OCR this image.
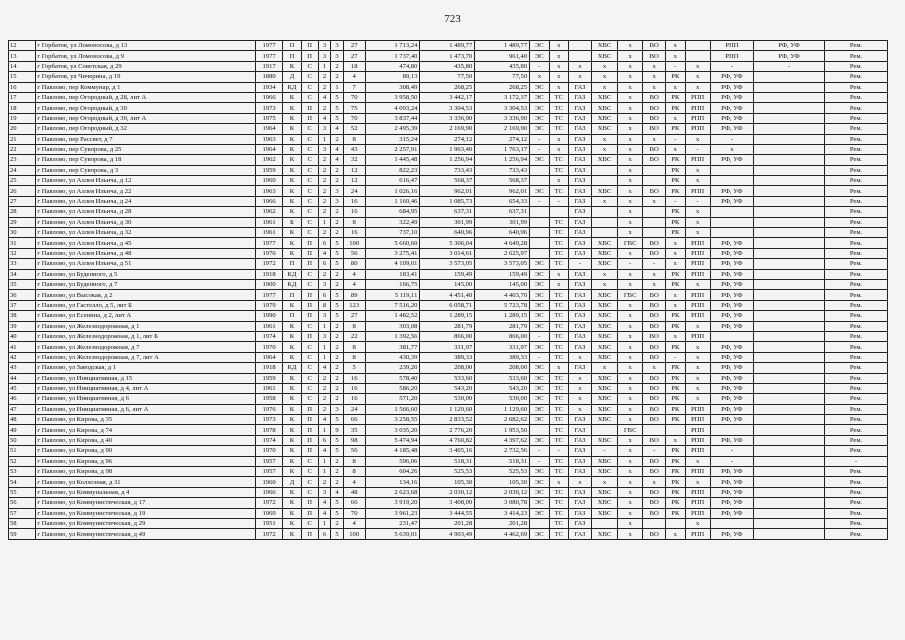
723
12	г Горбатов, ул Ломоносова, д 13	1977	П	П	3	3	27	1 713,24	1 489,77	1 489,77	ЭС	х		ХВС	х	ВО	х		РПП	РФ, УФ	Рем.
13	г Горбатов, ул Ломоносова, д 9	1977	П	П	3	3	27	1 737,40	1 473,70	961,40	ЭС	х		ХВС	х	ВО	х		РПП	РФ, УФ	Рем.
14	г Горбатов, ул Советская, д 29	1917	К	С	1	2	18	474,80	435,80	435,80	-	х	х	х	х	х	-	х	-	-	Рем.
15	г Горбатов, ул Чичерина, д 19	1880	Д	С	2	2	4	89,13	77,50	77,50	х	х	х	х	х	х	РК	х	РФ, УФ		Рем.
16	г Павлово, пер Коммунар, д 1	1934	КД	С	2	1	7	308,49	268,25	268,25	ЭС	х	ГАЗ	х	х	х	х	х	РФ, УФ		Рем.
17	г Павлово, пер Огородный, д 28, лит А	1966	К	С	4	5	70	3 958,50	3 442,17	3 172,37	ЭС	ТС	ГАЗ	ХВС	х	ВО	РК	РПП	РФ, УФ		Рем.
18	г Павлово, пер Огородный, д 30	1973	К	П	2	5	75	4 093,24	3 304,53	3 304,53	ЭС	ТС	ГАЗ	ХВС	х	ВО	РК	РПП	РФ, УФ		Рем.
19	г Павлово, пер Огородный, д 30, лит А	1975	К	П	4	5	70	3 837,44	3 336,90	3 336,90	ЭС	ТС	ГАЗ	ХВС	х	ВО	х	РПП	РФ, УФ		Рем.
20	г Павлово, пер Огородный, д 32	1964	К	С	3	4	52	2 495,39	2 169,90	2 169,90	ЭС	ТС	ГАЗ	ХВС	х	ВО	РК	РПП	РФ, УФ		Рем.
21	г Павлово, пер Рассвет, д 7	1963	К	С	1	2	8	315,24	274,12	274,12	-	х	ГАЗ	х	х	х	-	х	-		Рем.
22	г Павлово, пер Суворова, д 25	1964	К	С	3	4	43	2 257,91	1 963,40	1 763,17	-	х	ГАЗ	х	х	ВО	х	-	х		Рем.
23	г Павлово, пер Суворова, д 18	1962	К	С	2	4	32	1 445,48	1 256,94	1 256,94	ЭС	ТС	ГАЗ	ХВС	х	ВО	РК	РПП	РФ, УФ		Рем.
24	г Павлово, пер Суворова, д 3	1959	К	С	2	2	12	822,23	733,43	733,43		ТС	ГАЗ		х		РК	х			Рем.
25	г Павлово, ул Аллея Ильича, д 12	1960	К	С	2	2	12	616,47	568,37	568,37		х	ГАЗ		х		РК	х			Рем.
26	г Павлово, ул Аллея Ильича, д 22	1963	К	С	2	3	24	1 026,16	962,01	962,01	ЭС	ТС	ГАЗ	ХВС	х	ВО	РК	РПП	РФ, УФ		Рем.
27	г Павлово, ул Аллея Ильича, д 24	1966	К	С	2	3	16	1 169,46	1 085,73	654,33	-	-	ГАЗ	х	х	х	-	-	РФ, УФ		Рем.
28	г Павлово, ул Аллея Ильича, д 28	1962	К	С	2	2	16	684,95	637,31	637,31			ГАЗ		х		РК	х			Рем.
29	г Павлово, ул Аллея Ильича, д 30	1961	Б	С	1	2	8	322,49	301,99	301,99		ТС	ГАЗ		х		РК	х			Рем.
30	г Павлово, ул Аллея Ильича, д 32	1961	К	С	2	2	16	737,10	640,96	640,96		ТС	ГАЗ		х		РК	х			Рем.
31	г Павлово, ул Аллея Ильича, д 45	1977	К	П	6	5	100	5 660,60	5 306,04	4 649,28		ТС	ГАЗ	ХВС	ГВС	ВО	х	РПП	РФ, УФ		Рем.
32	г Павлово, ул Аллея Ильича, д 48	1976	К	П	4	5	56	3 275,41	3 014,61	2 625,97		ТС	ГАЗ	ХВС	х	ВО	х	РПП	РФ, УФ		Рем.
33	г Павлово, ул Аллея Ильича, д 51	1972	П	П	6	5	80	4 109,01	3 573,05	3 573,05	ЭС	ТС	-	ХВС	-	-	х	РПП	РФ, УФ		Рем.
34	г Павлово, ул Буденного, д 5	1918	КД	С	2	2	4	183,41	159,49	159,49	ЭС	х	ГАЗ	х	х	х	РК	РПП	РФ, УФ		Рем.
35	г Павлово, ул Буденного, д 7	1900	КД	С	3	2	4	166,75	145,00	145,00	ЭС	х	ГАЗ	х	х	х	РК	х	РФ, УФ		Рем.
36	г Павлово, ул Высокая, д 2	1977	П	П	6	5	89	5 119,11	4 451,40	4 403,70	ЭС	ТС	ГАЗ	ХВС	ГВС	ВО	х	РПП	РФ, УФ		Рем.
37	г Павлово, ул Гастелло, д 5, лит Б	1979	К	П	8	5	123	7 516,20	6 058,71	5 723,78	ЭС	ТС	ГАЗ	ХВС	х	ВО	х	РПП	РФ, УФ		Рем.
38	г Павлово, ул Есенина, д 2, лит А	1990	П	П	3	5	27	1 482,52	1 289,15	1 289,15	ЭС	ТС	ГАЗ	ХВС	х	ВО	РК	РПП	РФ, УФ		Рем.
39	г Павлово, ул Железнодорожная, д 1	1961	К	С	1	2	8	303,08	281,79	281,79	ЭС	ТС	ГАЗ	ХВС	х	ВО	РК	х	РФ, УФ		Рем.
40	г Павлово, ул Железнодорожная, д 1, лит Б	1974	К	П	3	2	22	1 392,56	866,00	866,00	-	ТС	ГАЗ	ХВС	х	ВО	х	РПП			Рем.
41	г Павлово, ул Железнодорожная, д 7	1970	К	С	1	2	8	381,77	331,97	331,97	ЭС	ТС	ГАЗ	ХВС	х	ВО	РК	х	РФ, УФ		Рем.
42	г Павлово, ул Железнодорожная, д 7, лит А	1964	К	С	1	2	8	430,39	389,33	389,33	-	ТС	х	ХВС	х	ВО	-	х	РФ, УФ		Рем.
43	г Павлово, ул Заводская, д 1	1918	КД	С	4	2	5	239,20	208,00	208,00	ЭС	х	ГАЗ	х	х	х	РК	х	РФ, УФ		Рем.
44	г Павлово, ул Инициативная, д 15	1959	К	С	2	2	16	578,40	533,60	533,60	ЭС	ТС	х	ХВС	х	ВО	РК	х	РФ, УФ		Рем.
45	г Павлово, ул Инициативная, д 4, лит А	1961	К	С	2	2	16	586,20	543,20	543,20	ЭС	ТС	х	ХВС	х	ВО	РК	х	РФ, УФ		Рем.
46	г Павлово, ул Инициативная, д 6	1958	К	С	2	2	16	571,20	530,00	530,00	ЭС	ТС	х	ХВС	х	ВО	РК	х	РФ, УФ		Рем.
47	г Павлово, ул Инициативная, д 6, лит А	1976	К	П	2	3	24	1 566,60	1 129,60	1 129,60	ЭС	ТС	х	ХВС	х	ВО	РК	РПП	РФ, УФ		Рем.
48	г Павлово, ул Кирова, д 35	1973	К	П	4	5	66	3 258,55	2 833,52	2 682,62	ЭС	ТС	ГАЗ	ХВС	х	ВО	РК	РПП	РФ, УФ		Рем.
49	г Павлово, ул Кирова, д 74	1978	К	П	1	9	35	3 035,20	2 776,20	1 953,50		ТС	ГАЗ		ГВС			РПП			Рем.
50	г Павлово, ул Кирова, д 40	1974	К	П	6	5	98	5 474,94	4 760,82	4 397,62	ЭС	ТС	ГАЗ	ХВС	х	ВО	х	РПП	РФ, УФ		Рем.
51	г Павлово, ул Кирова, д 90	1970	К	П	4	5	56	4 185,48	3 405,16	2 732,56	-	-	ГАЗ	-	х	-	РК	РПП	-		Рем.
52	г Павлово, ул Кирова, д 96	1957	К	С	1	2	8	596,06	518,31	518,31	-	ТС	ГАЗ	ХВС	х	ВО	РК	х	-		-
53	г Павлово, ул Кирова, д 98	1957	К	С	1	2	8	604,26	525,53	525,53	ЭС	ТС	ГАЗ	ХВС	х	ВО	РК	РПП	РФ, УФ		Рем.
54	г Павлово, ул Колхозная, д 31	1960	Д	С	2	2	4	134,16	105,30	105,30	ЭС	х	х	х	х	х	РК	х	РФ, УФ		Рем.
55	г Павлово, ул Коммунальная, д 4	1966	К	С	3	4	48	2 623,68	2 030,12	2 030,12	ЭС	ТС	ГАЗ	ХВС	х	ВО	РК	РПП	РФ, УФ		Рем.
56	г Павлово, ул Коммунистическая, д 17	1972	К	П	4	5	66	3 919,20	3 408,00	3 080,78	ЭС	ТС	ГАЗ	ХВС	х	ВО	РК	РПП	РФ, УФ		Рем.
57	г Павлово, ул Коммунистическая, д 19	1969	К	П	4	5	70	3 961,23	3 444,55	3 414,23	ЭС	ТС	ГАЗ	ХВС	х	ВО	РК	РПП	РФ, УФ		Рем.
58	г Павлово, ул Коммунистическая, д 29	1951	К	С	1	2	4	231,47	201,28	201,28		ТС	ГАЗ		х			х			Рем.
59	г Павлово, ул Коммунистическая, д 49	1972	К	П	6	5	100	5 639,01	4 903,49	4 462,69	ЭС	ТС	ГАЗ	ХВС	х	ВО	х	РПП	РФ, УФ		Рем.
